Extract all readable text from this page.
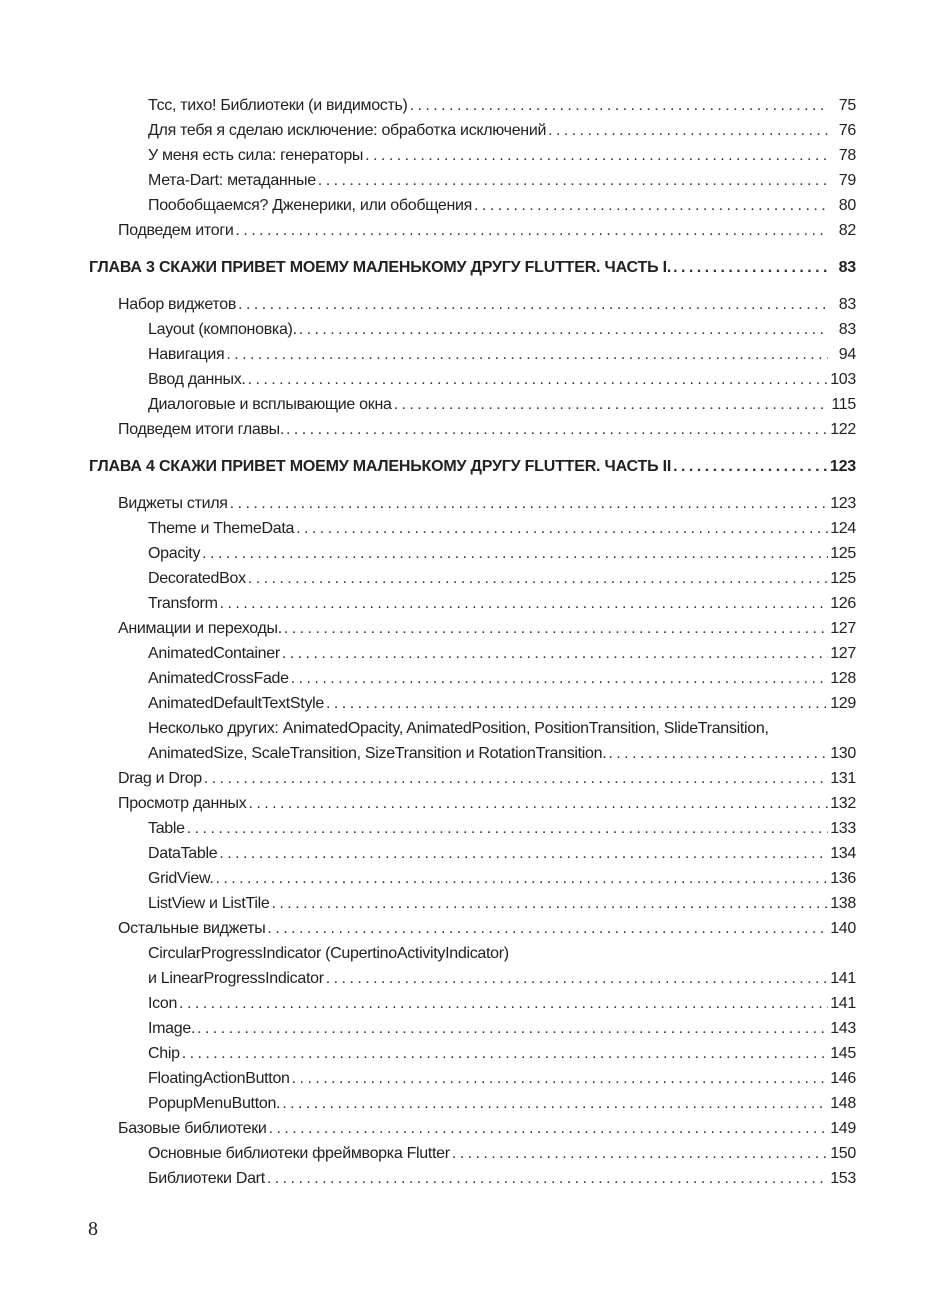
Тсс, тихо! Библиотеки (и видимость) . . .	75
Для тебя я сделаю исключение: обработка исключений . . .	76
У меня есть сила: генераторы . . .	78
Мета-Dart: метаданные . . .	79
Пообобщаемся? Дженерики, или обобщения . . .	80
Подведем итоги . . .	82
ГЛАВА 3 СКАЖИ ПРИВЕТ МОЕМУ МАЛЕНЬКОМУ ДРУГУ FLUTTER. ЧАСТЬ I. . . .	83
Набор виджетов . . .	83
Layout (компоновка). . . .	83
Навигация . . .	94
Ввод данных. . . .	103
Диалоговые и всплывающие окна . . .	115
Подведем итоги главы. . . .	122
ГЛАВА 4 СКАЖИ ПРИВЕТ МОЕМУ МАЛЕНЬКОМУ ДРУГУ FLUTTER. ЧАСТЬ II . . .	123
Виджеты стиля . . .	123
Theme и ThemeData . . .	124
Opacity . . .	125
DecoratedBox . . .	125
Transform . . .	126
Анимации и переходы. . . .	127
AnimatedContainer . . .	127
AnimatedCrossFade . . .	128
AnimatedDefaultTextStyle . . .	129
Несколько других: AnimatedOpacity, AnimatedPosition, PositionTransition, SlideTransition,
AnimatedSize, ScaleTransition, SizeTransition и RotationTransition. . . .	130
Drag и Drop . . .	131
Просмотр данных . . .	132
Table . . .	133
DataTable . . .	134
GridView. . . .	136
ListView и ListTile . . .	138
Остальные виджеты . . .	140
CircularProgressIndicator (CupertinoActivityIndicator)
и LinearProgressIndicator . . .	141
Icon . . .	141
Image. . . .	143
Chip . . .	145
FloatingActionButton . . .	146
PopupMenuButton. . . .	148
Базовые библиотеки . . .	149
Основные библиотеки фреймворка Flutter . . .	150
Библиотеки Dart . . .	153
8
